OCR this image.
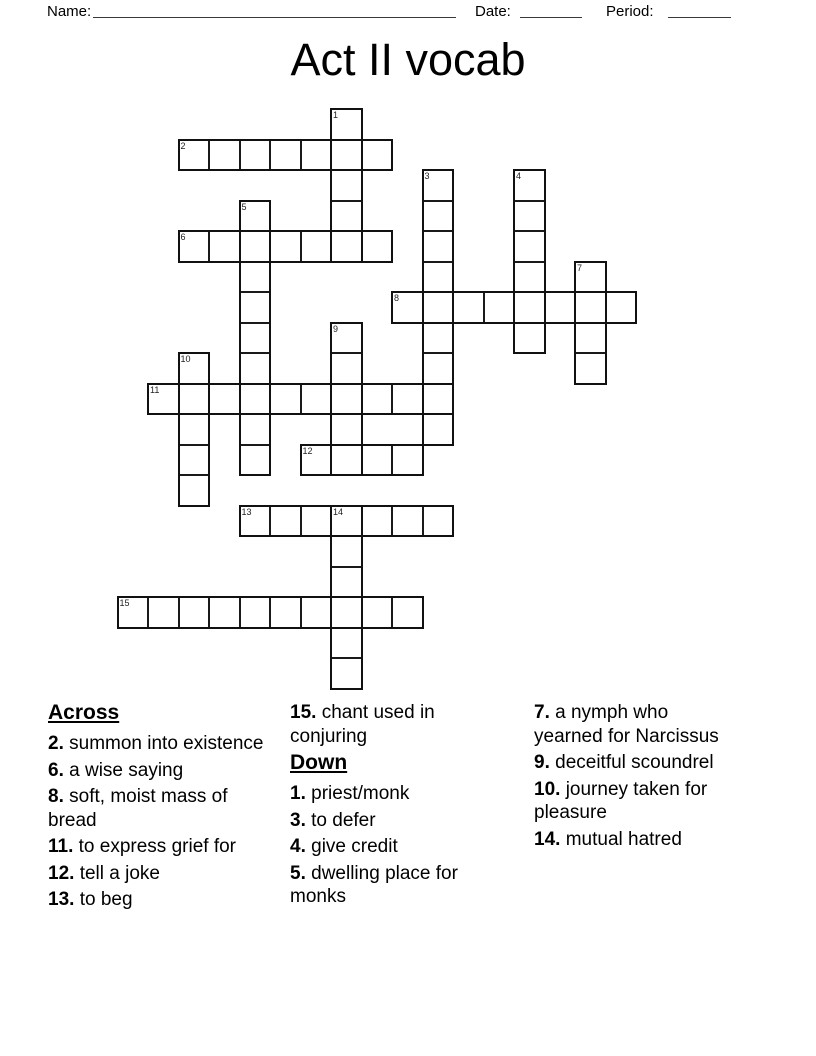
Name:	Date:	Period:
Act II vocab
1
2
3	4
5
6
7
8
9
10
11
12
13	14
15
Across

2. summon into existence

6. a wise saying

8. soft, moist mass of bread

11. to express grief for

12. tell a joke

13. to beg

15. chant used in conjuring

Down

1. priest/monk

3. to defer

4. give credit

5. dwelling place for monks

7. a nymph who yearned for Narcissus

9. deceitful scoundrel

10. journey taken for pleasure

14. mutual hatred
